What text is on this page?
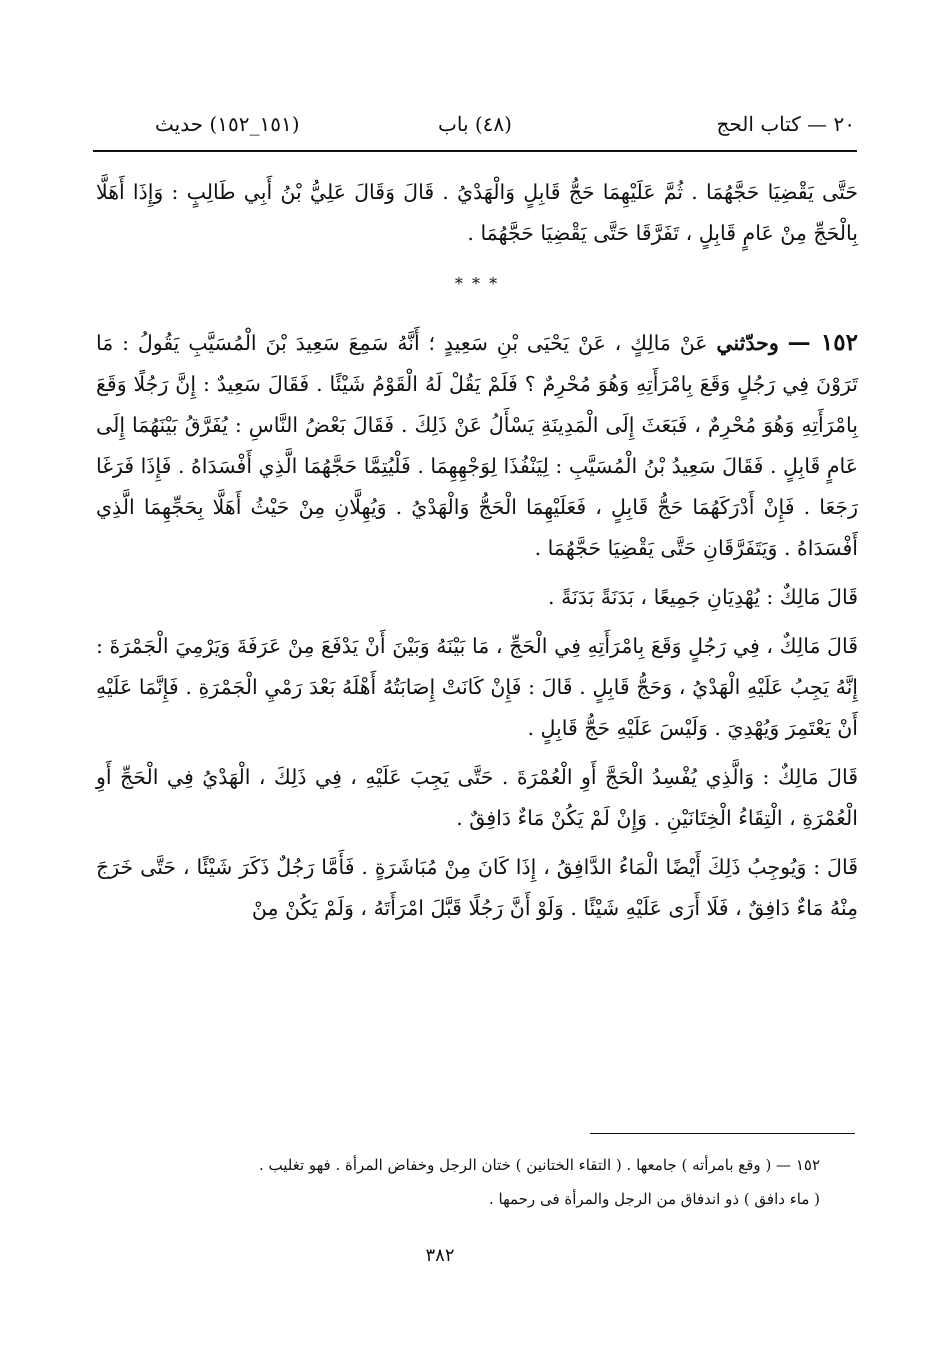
٢٠ — كتاب الحج
(٤٨) باب
(١٥١_١٥٢) حديث

حَتَّى يَقْضِيَا حَجَّهُمَا . ثُمَّ عَلَيْهِمَا حَجُّ قَابِلٍ وَالْهَدْيُ . قَالَ وَقَالَ عَلِيُّ بْنُ أَبِي طَالِبٍ : وَإِذَا أَهَلَّا بِالْحَجِّ مِنْ عَامٍ قَابِلٍ ، تَفَرَّقَا حَتَّى يَقْضِيَا حَجَّهُمَا .

* * *

١٥٢ — وحدّثني عَنْ مَالِكٍ ، عَنْ يَحْيَى بْنِ سَعِيدٍ ؛ أَنَّهُ سَمِعَ سَعِيدَ بْنَ الْمُسَيَّبِ يَقُولُ : مَا تَرَوْنَ فِي رَجُلٍ وَقَعَ بِامْرَأَتِهِ وَهُوَ مُحْرِمٌ ؟ فَلَمْ يَقُلْ لَهُ الْقَوْمُ شَيْئًا . فَقَالَ سَعِيدٌ : إِنَّ رَجُلًا وَقَعَ بِامْرَأَتِهِ وَهُوَ مُحْرِمٌ ، فَبَعَثَ إِلَى الْمَدِينَةِ يَسْأَلُ عَنْ ذَلِكَ . فَقَالَ بَعْضُ النَّاسِ : يُفَرَّقُ بَيْنَهُمَا إِلَى عَامٍ قَابِلٍ . فَقَالَ سَعِيدُ بْنُ الْمُسَيَّبِ : لِيَنْفُذَا لِوَجْهِهِمَا . فَلْيُتِمَّا حَجَّهُمَا الَّذِي أَفْسَدَاهُ . فَإِذَا فَرَغَا رَجَعَا . فَإِنْ أَدْرَكَهُمَا حَجُّ قَابِلٍ ، فَعَلَيْهِمَا الْحَجُّ وَالْهَدْيُ . وَيُهِلَّانِ مِنْ حَيْثُ أَهَلَّا بِحَجِّهِمَا الَّذِي أَفْسَدَاهُ . وَيَتَفَرَّقَانِ حَتَّى يَقْضِيَا حَجَّهُمَا .

قَالَ مَالِكٌ : يُهْدِيَانِ جَمِيعًا ، بَدَنَةً بَدَنَةً .

قَالَ مَالِكٌ ، فِي رَجُلٍ وَقَعَ بِامْرَأَتِهِ فِي الْحَجِّ ، مَا بَيْنَهُ وَبَيْنَ أَنْ يَدْفَعَ مِنْ عَرَفَةَ وَيَرْمِيَ الْجَمْرَةَ : إِنَّهُ يَجِبُ عَلَيْهِ الْهَدْيُ ، وَحَجُّ قَابِلٍ . قَالَ : فَإِنْ كَانَتْ إِصَابَتُهُ أَهْلَهُ بَعْدَ رَمْيِ الْجَمْرَةِ . فَإِنَّمَا عَلَيْهِ أَنْ يَعْتَمِرَ وَيُهْدِيَ . وَلَيْسَ عَلَيْهِ حَجُّ قَابِلٍ .

قَالَ مَالِكٌ : وَالَّذِي يُفْسِدُ الْحَجَّ أَوِ الْعُمْرَةَ . حَتَّى يَجِبَ عَلَيْهِ ، فِي ذَلِكَ ، الْهَدْيُ فِي الْحَجِّ أَوِ الْعُمْرَةِ ، الْتِقَاءُ الْخِتَانَيْنِ . وَإِنْ لَمْ يَكُنْ مَاءٌ دَافِقٌ .

قَالَ : وَيُوجِبُ ذَلِكَ أَيْضًا الْمَاءُ الدَّافِقُ ، إِذَا كَانَ مِنْ مُبَاشَرَةٍ . فَأَمَّا رَجُلٌ ذَكَرَ شَيْئًا ، حَتَّى خَرَجَ مِنْهُ مَاءٌ دَافِقٌ ، فَلَا أَرَى عَلَيْهِ شَيْئًا . وَلَوْ أَنَّ رَجُلًا قَبَّلَ امْرَأَتَهُ ، وَلَمْ يَكُنْ مِنْ

١٥٢ — ( وقع بامرأته ) جامعها . ( التقاء الختانين ) ختان الرجل وخفاض المرأة . فهو تغليب .

( ماء دافق ) ذو اندفاق من الرجل والمرأة فى رحمها .

٣٨٢
